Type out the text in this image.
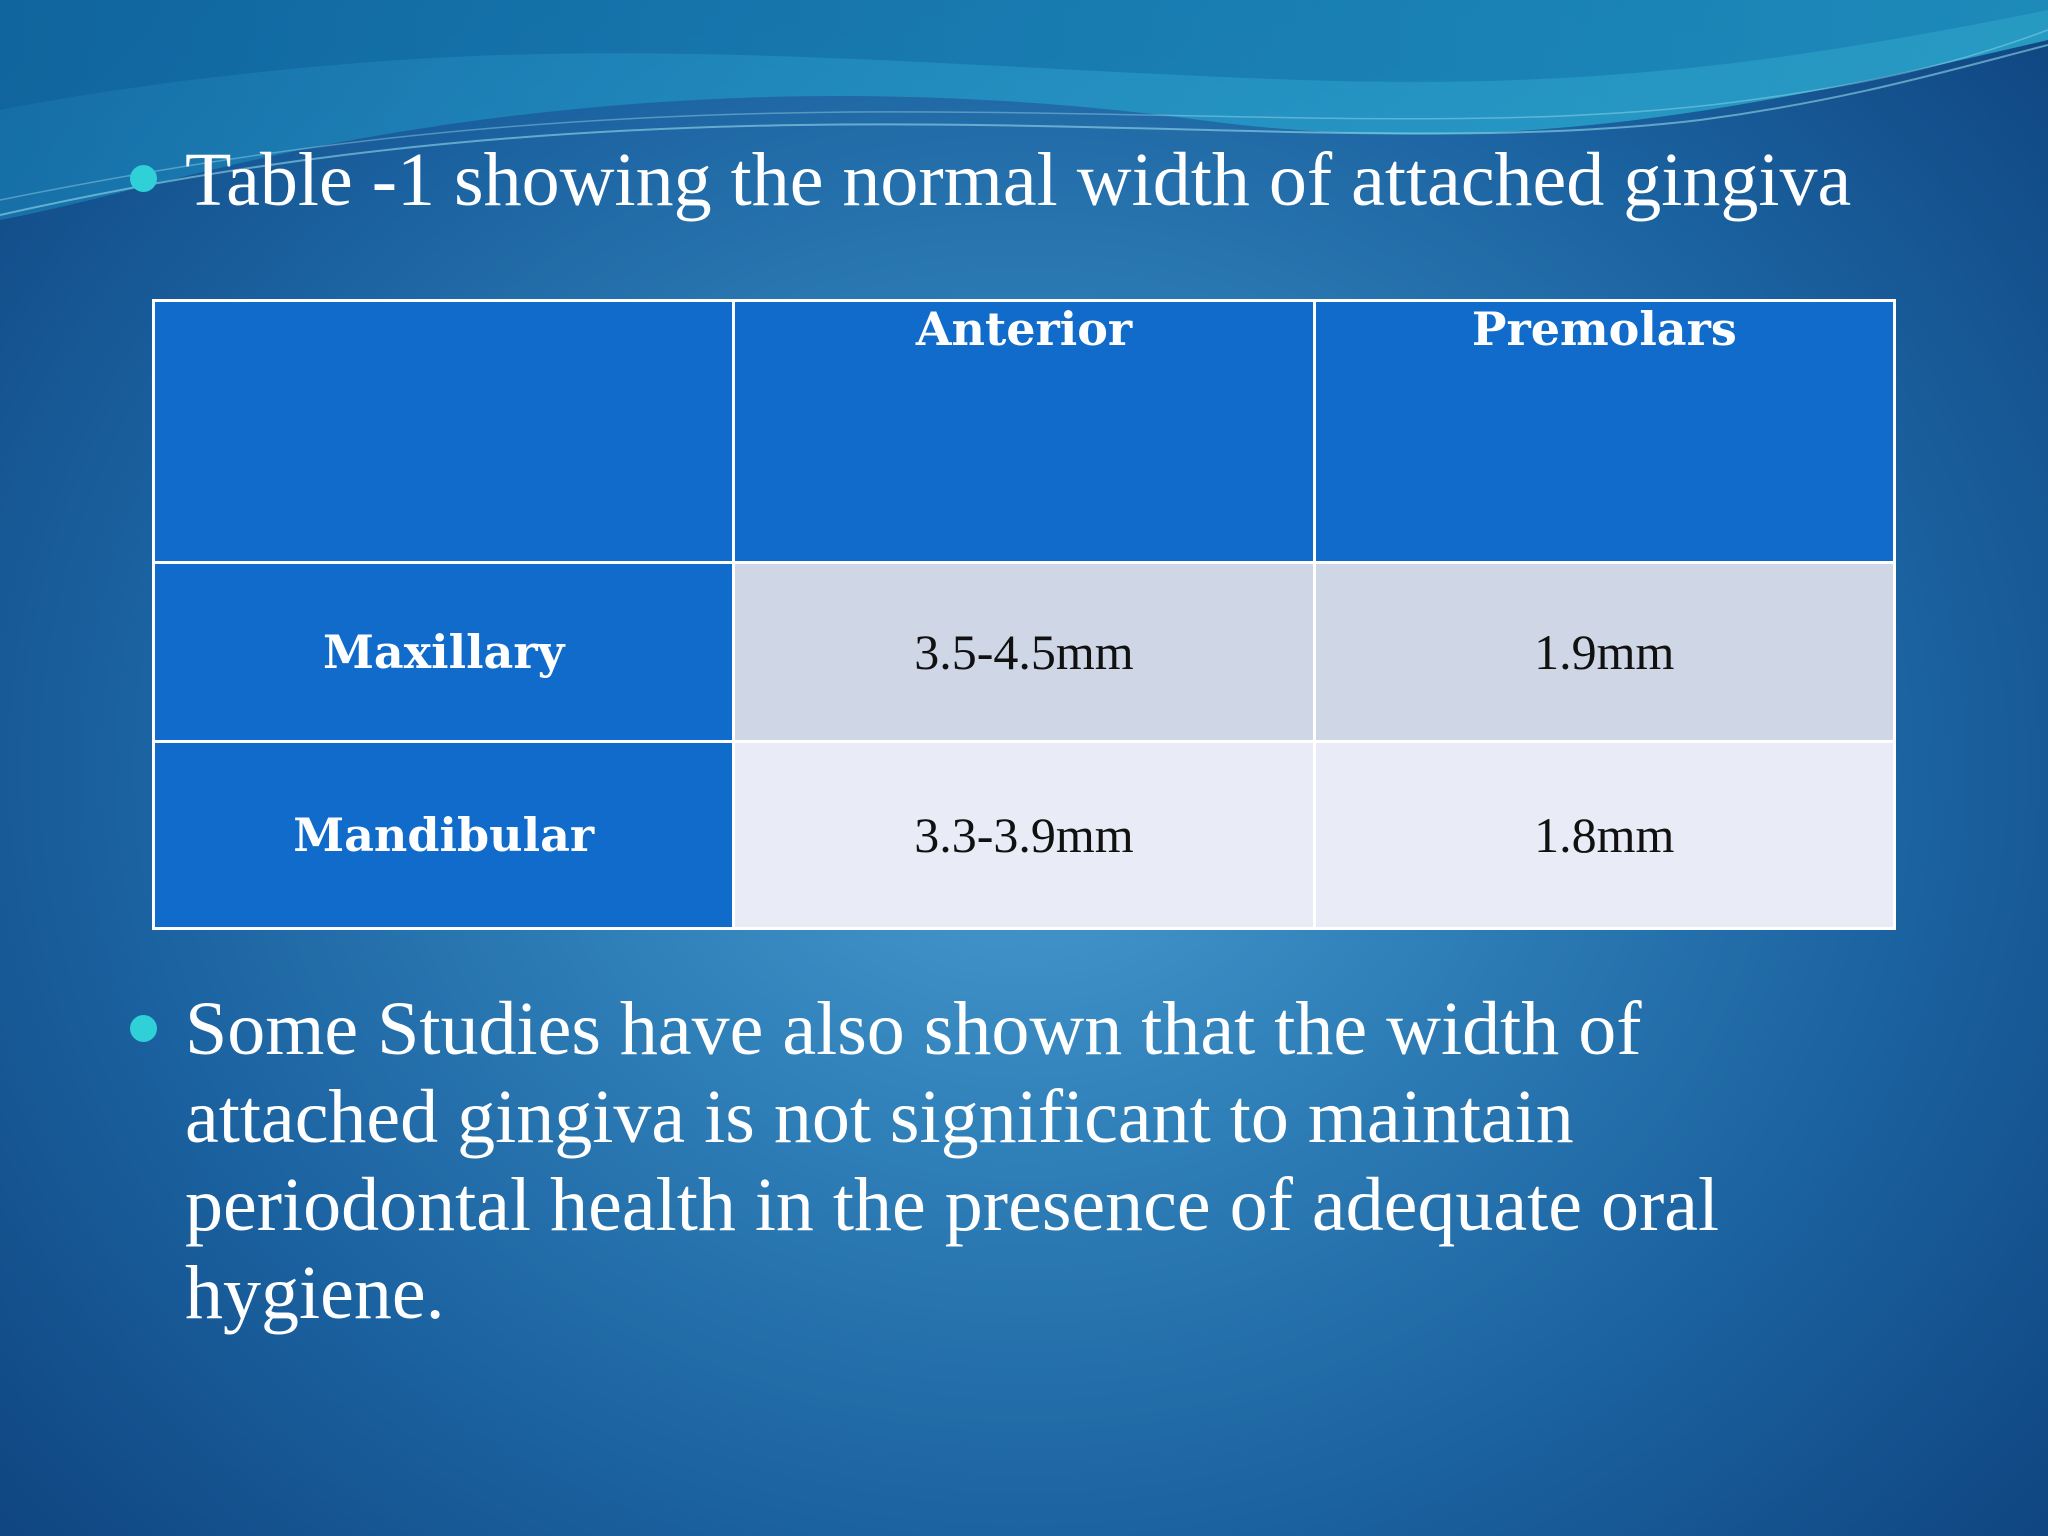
Table -1 showing the normal width of attached gingiva
	Anterior	Premolars
Maxillary	3.5-4.5mm	1.9mm
Mandibular	3.3-3.9mm	1.8mm
Some Studies have also shown that the width of attached gingiva is not significant to maintain periodontal health in the presence of adequate oral hygiene.
